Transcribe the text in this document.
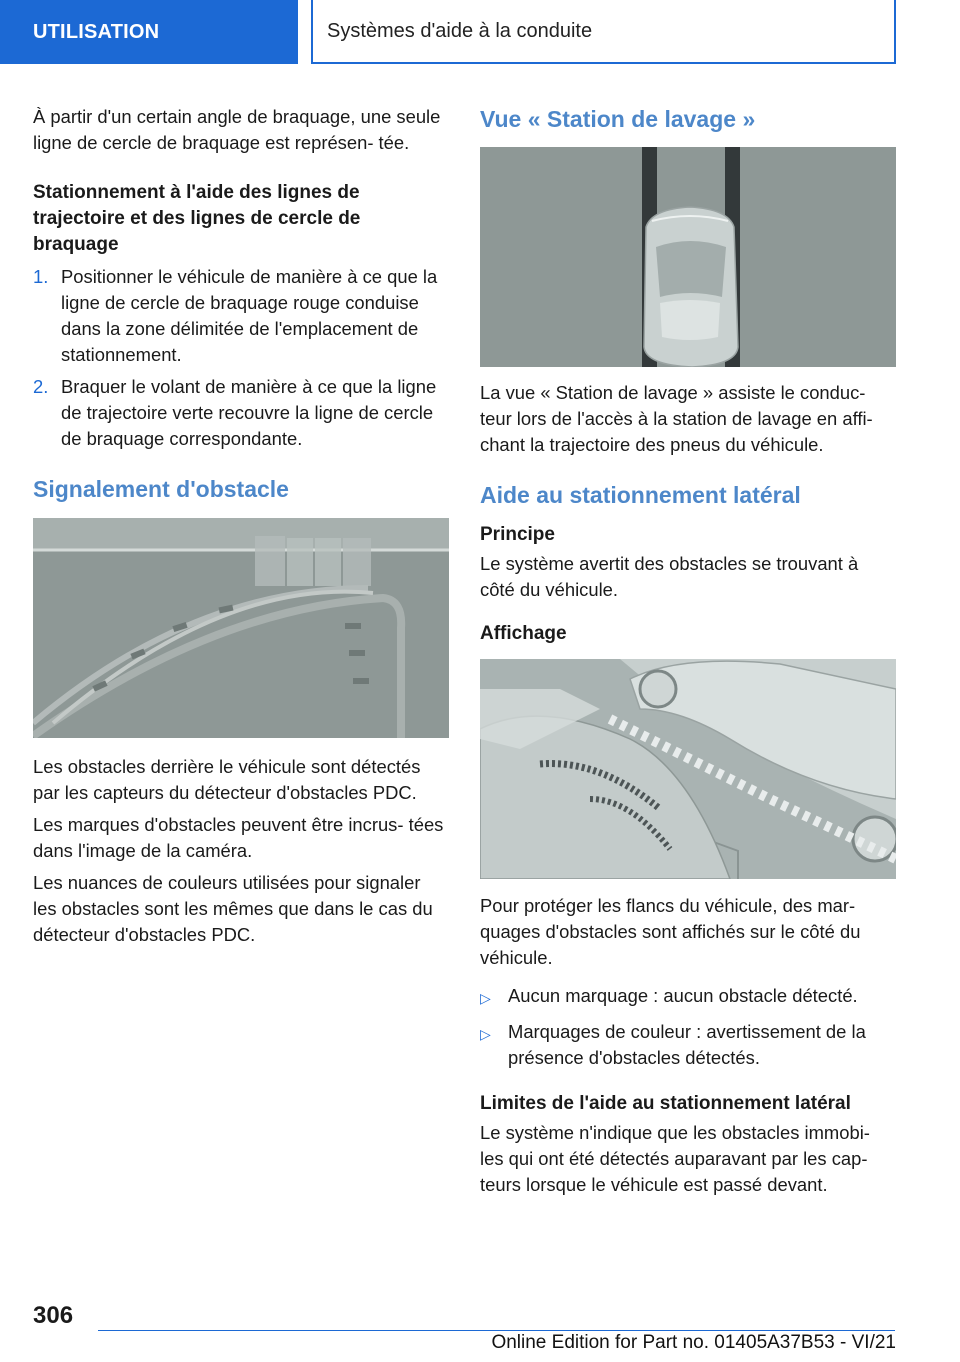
UTILISATION	Systèmes d'aide à la conduite

À partir d'un certain angle de braquage, une seule ligne de cercle de braquage est représen- tée.

Stationnement à l'aide des lignes de trajectoire et des lignes de cercle de braquage
1. Positionner le véhicule de manière à ce que la ligne de cercle de braquage rouge conduise dans la zone délimitée de l'emplacement de stationnement.
2. Braquer le volant de manière à ce que la ligne de trajectoire verte recouvre la ligne de cercle de braquage correspondante.
Signalement d'obstacle

Les obstacles derrière le véhicule sont détectés par les capteurs du détecteur d'obstacles PDC.

Les marques d'obstacles peuvent être incrus- tées dans l'image de la caméra.

Les nuances de couleurs utilisées pour signaler les obstacles sont les mêmes que dans le cas du détecteur d'obstacles PDC.

Vue « Station de lavage »

La vue « Station de lavage » assiste le conduc- teur lors de l'accès à la station de lavage en affi- chant la trajectoire des pneus du véhicule.

Aide au stationnement latéral
Principe

Le système avertit des obstacles se trouvant à côté du véhicule.

Affichage

Pour protéger les flancs du véhicule, des mar- quages d'obstacles sont affichés sur le côté du véhicule.

▷ Aucun marquage : aucun obstacle détecté.
▷ Marquages de couleur : avertissement de la présence d'obstacles détectés.
Limites de l'aide au stationnement latéral

Le système n'indique que les obstacles immobi- les qui ont été détectés auparavant par les cap- teurs lorsque le véhicule est passé devant.

306
Online Edition for Part no. 01405A37B53 - VI/21
